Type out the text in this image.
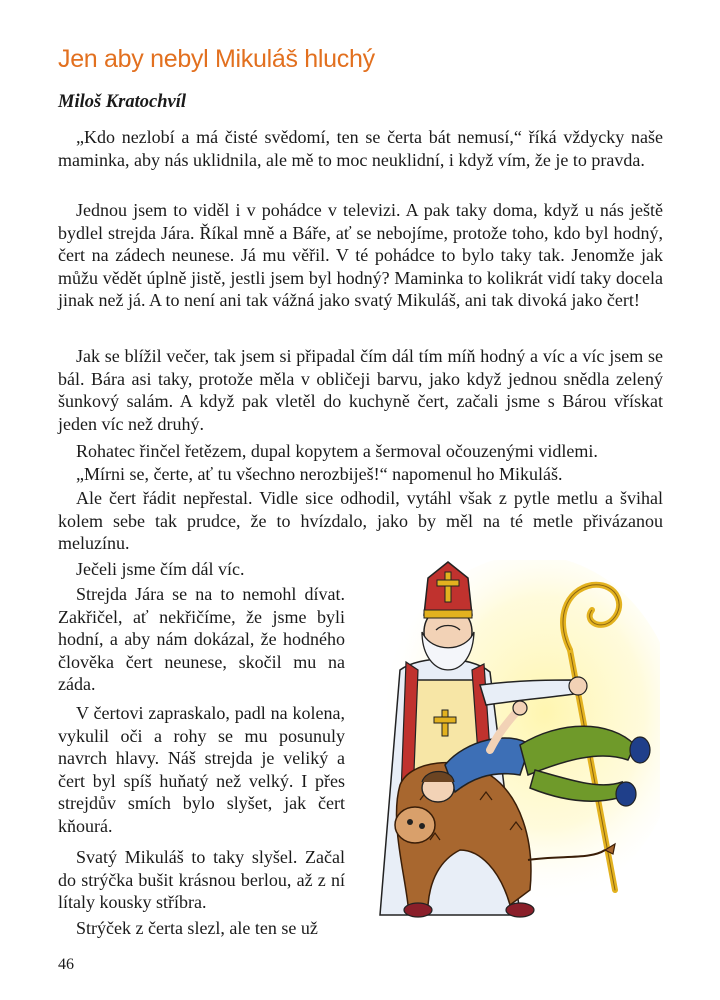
Jen aby nebyl Mikuláš hluchý
Miloš Kratochvíl

„Kdo nezlobí a má čisté svědomí, ten se čerta bát nemusí,“ říká vždycky naše maminka, aby nás uklidnila, ale mě to moc neuklidní, i když vím, že je to pravda.

Jednou jsem to viděl i v pohádce v televizi. A pak taky doma, když u nás ještě bydlel strejda Jára. Říkal mně a Báře, ať se nebojíme, protože toho, kdo byl hodný, čert na zádech neunese. Já mu věřil. V té pohádce to bylo taky tak. Jenomže jak můžu vědět úplně jistě, jestli jsem byl hodný? Maminka to kolikrát vidí taky docela jinak než já. A to není ani tak vážná jako svatý Mikuláš, ani tak divoká jako čert!

Jak se blížil večer, tak jsem si připadal čím dál tím míň hodný a víc a víc jsem se bál. Bára asi taky, protože měla v obličeji barvu, jako když jednou snědla zelený šunkový salám. A když pak vletěl do kuchyně čert, začali jsme s Bárou vřískat jeden víc než druhý.

Rohatec řinčel řetězem, dupal kopytem a šermoval očouzenými vidlemi.

„Mírni se, čerte, ať tu všechno nerozbiješ!“ napomenul ho Mikuláš.

Ale čert řádit nepřestal. Vidle sice odhodil, vytáhl však z pytle metlu a švihal kolem sebe tak prudce, že to hvízdalo, jako by měl na té metle přivázanou meluzínu.

Ječeli jsme čím dál víc.

Strejda Jára se na to nemohl dívat. Zakřičel, ať nekřičíme, že jsme byli hodní, a aby nám dokázal, že hodného člověka čert neunese, skočil mu na záda.

V čertovi zapraskalo, padl na kolena, vykulil oči a rohy se mu posunuly navrch hlavy. Náš strejda je veliký a čert byl spíš huňatý než velký. I přes strejdův smích bylo slyšet, jak čert kňourá.

Svatý Mikuláš to taky slyšel. Začal do strýčka bušit krásnou berlou, až z ní lítaly kousky stříbra.

Strýček z čerta slezl, ale ten se už

46
